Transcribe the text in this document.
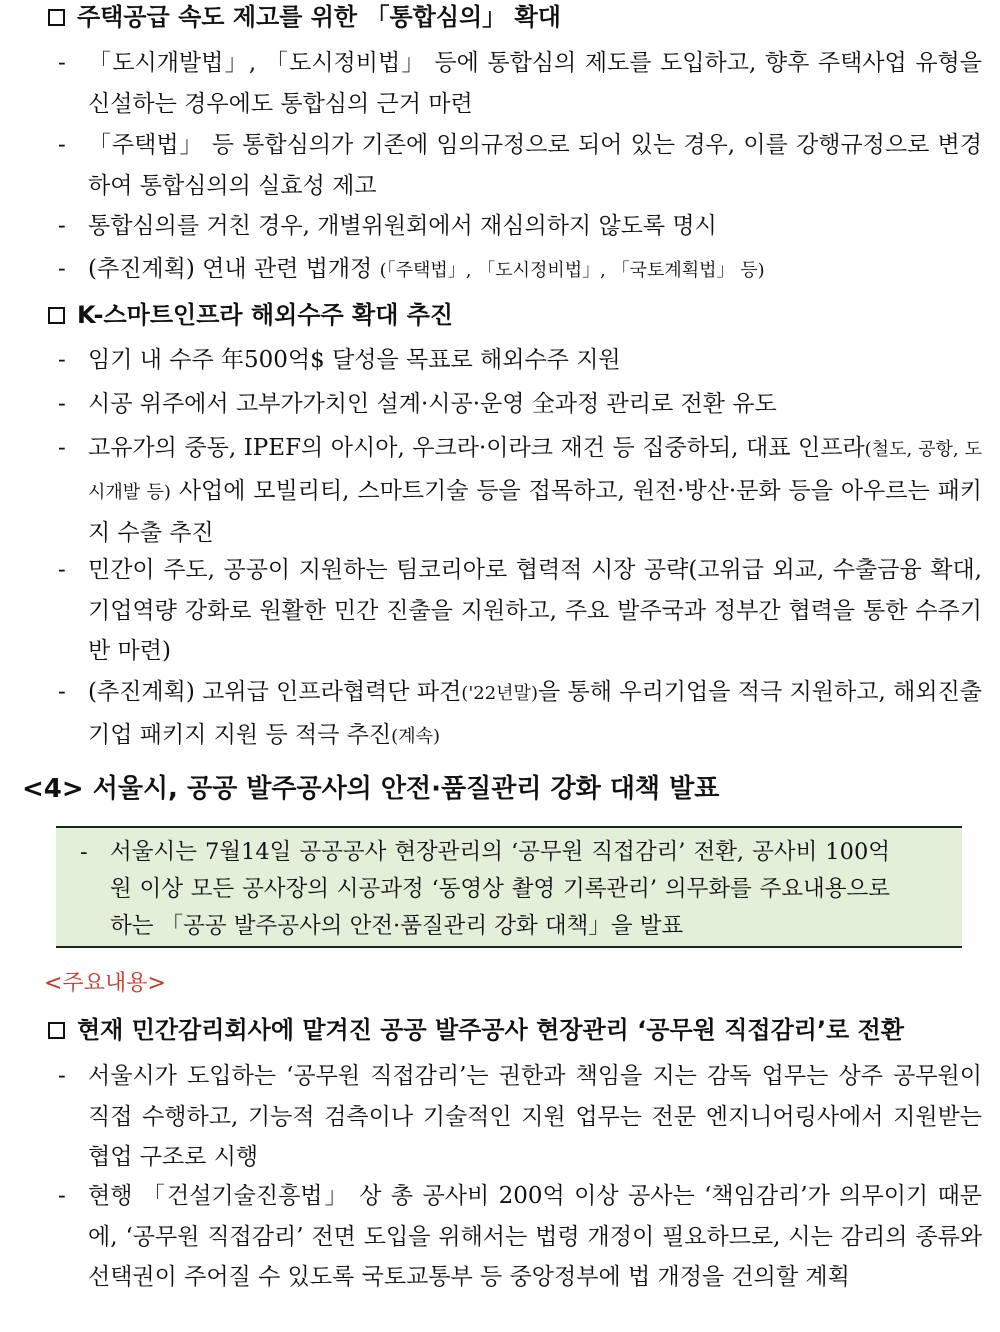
주택공급 속도 제고를 위한 「통합심의」 확대
- 「도시개발법」, 「도시정비법」 등에 통합심의 제도를 도입하고, 향후 주택사업 유형을 신설하는 경우에도 통합심의 근거 마련
- 「주택법」 등 통합심의가 기존에 임의규정으로 되어 있는 경우, 이를 강행규정으로 변경하여 통합심의의 실효성 제고
- 통합심의를 거친 경우, 개별위원회에서 재심의하지 않도록 명시
- (추진계획) 연내 관련 법개정 (「주택법」, 「도시정비법」, 「국토계획법」 등)
K-스마트인프라 해외수주 확대 추진
- 임기 내 수주 年500억$ 달성을 목표로 해외수주 지원
- 시공 위주에서 고부가가치인 설계·시공·운영 全과정 관리로 전환 유도
- 고유가의 중동, IPEF의 아시아, 우크라·이라크 재건 등 집중하되, 대표 인프라(철도, 공항, 도시개발 등) 사업에 모빌리티, 스마트기술 등을 접목하고, 원전·방산·문화 등을 아우르는 패키지 수출 추진
- 민간이 주도, 공공이 지원하는 팀코리아로 협력적 시장 공략(고위급 외교, 수출금융 확대, 기업역량 강화로 원활한 민간 진출을 지원하고, 주요 발주국과 정부간 협력을 통한 수주기반 마련)
- (추진계획) 고위급 인프라협력단 파견('22년말)을 통해 우리기업을 적극 지원하고, 해외진출 기업 패키지 지원 등 적극 추진(계속)
<4> 서울시, 공공 발주공사의 안전·품질관리 강화 대책 발표
- 서울시는 7월14일 공공공사 현장관리의 ‘공무원 직접감리’ 전환, 공사비 100억원 이상 모든 공사장의 시공과정 ‘동영상 촬영 기록관리’ 의무화를 주요내용으로 하는 「공공 발주공사의 안전·품질관리 강화 대책」을 발표
<주요내용>
현재 민간감리회사에 맡겨진 공공 발주공사 현장관리 ‘공무원 직접감리’로 전환
- 서울시가 도입하는 ‘공무원 직접감리’는 권한과 책임을 지는 감독 업무는 상주 공무원이 직접 수행하고, 기능적 검측이나 기술적인 지원 업무는 전문 엔지니어링사에서 지원받는 협업 구조로 시행
- 현행 「건설기술진흥법」 상 총 공사비 200억 이상 공사는 ‘책임감리’가 의무이기 때문에, ‘공무원 직접감리’ 전면 도입을 위해서는 법령 개정이 필요하므로, 시는 감리의 종류와 선택권이 주어질 수 있도록 국토교통부 등 중앙정부에 법 개정을 건의할 계획
